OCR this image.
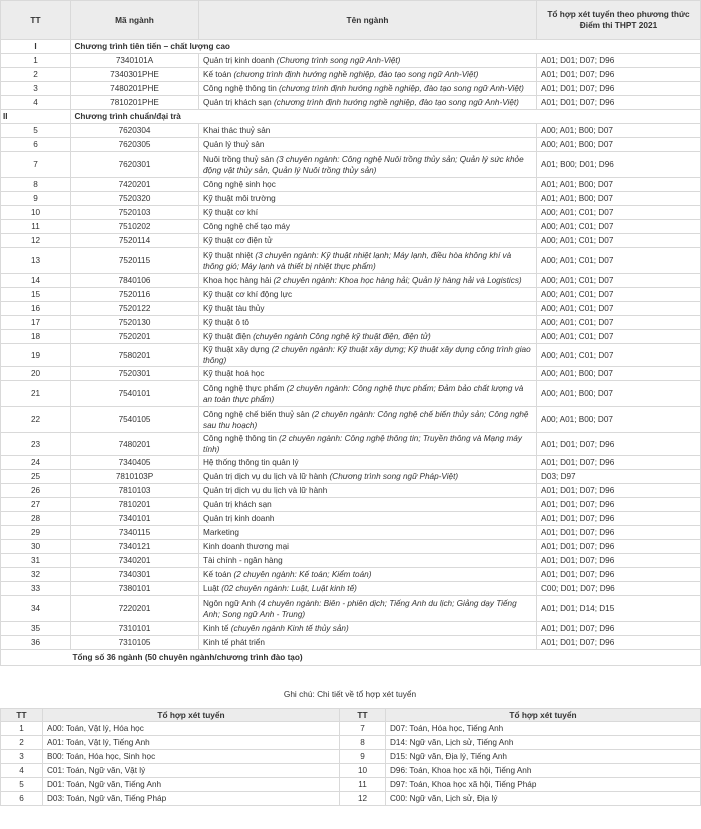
TT	Mã ngành	Tên ngành	Tổ hợp xét tuyển theo phương thức
Điểm thi THPT 2021

I		Chương trình tiên tiến – chất lượng cao	
1	7340101A	Quản trị kinh doanh (Chương trình song ngữ Anh-Việt)	A01; D01; D07; D96
2	7340301PHE	Kế toán (chương trình định hướng nghề nghiệp, đào tạo song ngữ Anh-Việt)	A01; D01; D07; D96
3	7480201PHE	Công nghệ thông tin (chương trình định hướng nghề nghiệp, đào tạo song ngữ Anh-Việt)	A01; D01; D07; D96
4	7810201PHE	Quản trị khách sạn (chương trình định hướng nghề nghiệp, đào tạo song ngữ Anh-Việt)	A01; D01; D07; D96
II		Chương trình chuẩn/đại trà	
5	7620304	Khai thác thuỷ sản	A00; A01; B00; D07
6	7620305	Quản lý thuỷ sản	A00; A01; B00; D07
7	7620301	Nuôi trồng thuỷ sản (3 chuyên ngành: Công nghệ Nuôi trồng thủy sản; Quản lý sức khỏe động vật thủy sản, Quản lý Nuôi trồng thủy sản)	A01; B00; D01; D96
8	7420201	Công nghệ sinh học	A01; A01; B00; D07
9	7520320	Kỹ thuật môi trường	A01; A01; B00; D07
10	7520103	Kỹ thuật cơ khí	A00; A01; C01; D07
11	7510202	Công nghệ chế tạo máy	A00; A01; C01; D07
12	7520114	Kỹ thuật cơ điện tử	A00; A01; C01; D07
13	7520115	Kỹ thuật nhiệt (3 chuyên ngành: Kỹ thuật nhiệt lạnh; Máy lạnh, điều hòa không khí và thông gió; Máy lạnh và thiết bị nhiệt thực phẩm)	A00; A01; C01; D07
14	7840106	Khoa học hàng hải (2 chuyên ngành: Khoa học hàng hải; Quản lý hàng hải và Logistics)	A00; A01; C01; D07
15	7520116	Kỹ thuật cơ khí động lực	A00; A01; C01; D07
16	7520122	Kỹ thuật tàu thủy	A00; A01; C01; D07
17	7520130	Kỹ thuật ô tô	A00; A01; C01; D07
18	7520201	Kỹ thuật điện (chuyên ngành Công nghệ kỹ thuật điện, điện tử)	A00; A01; C01; D07
19	7580201	Kỹ thuật xây dựng (2 chuyên ngành: Kỹ thuật xây dựng; Kỹ thuật xây dựng công trình giao thông)	A00; A01; C01; D07
20	7520301	Kỹ thuật hoá học	A00; A01; B00; D07
21	7540101	Công nghệ thực phẩm (2 chuyên ngành: Công nghệ thực phẩm; Đảm bảo chất lượng và an toàn thực phẩm)	A00; A01; B00; D07
22	7540105	Công nghệ chế biến thuỷ sản (2 chuyên ngành: Công nghệ chế biến thủy sản; Công nghệ sau thu hoạch)	A00; A01; B00; D07
23	7480201	Công nghệ thông tin (2 chuyên ngành: Công nghệ thông tin; Truyền thông và Mạng máy tính)	A01; D01; D07; D96
24	7340405	Hệ thống thông tin quản lý	A01; D01; D07; D96
25	7810103P	Quản trị dịch vụ du lịch và lữ hành (Chương trình song ngữ Pháp-Việt)	D03; D97
26	7810103	Quản trị dịch vụ du lịch và lữ hành	A01; D01; D07; D96
27	7810201	Quản trị khách sạn	A01; D01; D07; D96
28	7340101	Quản trị kinh doanh	A01; D01; D07; D96
29	7340115	Marketing	A01; D01; D07; D96
30	7340121	Kinh doanh thương mại	A01; D01; D07; D96
31	7340201	Tài chính - ngân hàng	A01; D01; D07; D96
32	7340301	Kế toán (2 chuyên ngành: Kế toán; Kiểm toán)	A01; D01; D07; D96
33	7380101	Luật (02 chuyên ngành: Luật, Luật kinh tế)	C00; D01; D07; D96
34	7220201	Ngôn ngữ Anh (4 chuyên ngành: Biên - phiên dịch; Tiếng Anh du lịch; Giảng dạy Tiếng Anh; Song ngữ Anh - Trung)	A01; D01; D14; D15
35	7310101	Kinh tế (chuyên ngành Kinh tế thủy sản)	A01; D01; D07; D96
36	7310105	Kinh tế phát triển	A01; D01; D07; D96
	Tổng số 36 ngành (50 chuyên ngành/chương trình đào tạo)		
Ghi chú: Chi tiết về tổ hợp xét tuyển
TT	Tổ hợp xét tuyển	TT	Tổ hợp xét tuyển
1	A00: Toán, Vật lý, Hóa học	7	D07: Toán, Hóa học, Tiếng Anh
2	A01: Toán, Vật lý, Tiếng Anh	8	D14: Ngữ văn, Lịch sử, Tiếng Anh
3	B00: Toán, Hóa học, Sinh học	9	D15: Ngữ văn, Địa lý, Tiếng Anh
4	C01: Toán, Ngữ văn, Vật lý	10	D96: Toán, Khoa học xã hội, Tiếng Anh
5	D01: Toán, Ngữ văn, Tiếng Anh	11	D97: Toán, Khoa học xã hội, Tiếng Pháp
6	D03: Toán, Ngữ văn, Tiếng Pháp	12	C00: Ngữ văn, Lịch sử, Địa lý
